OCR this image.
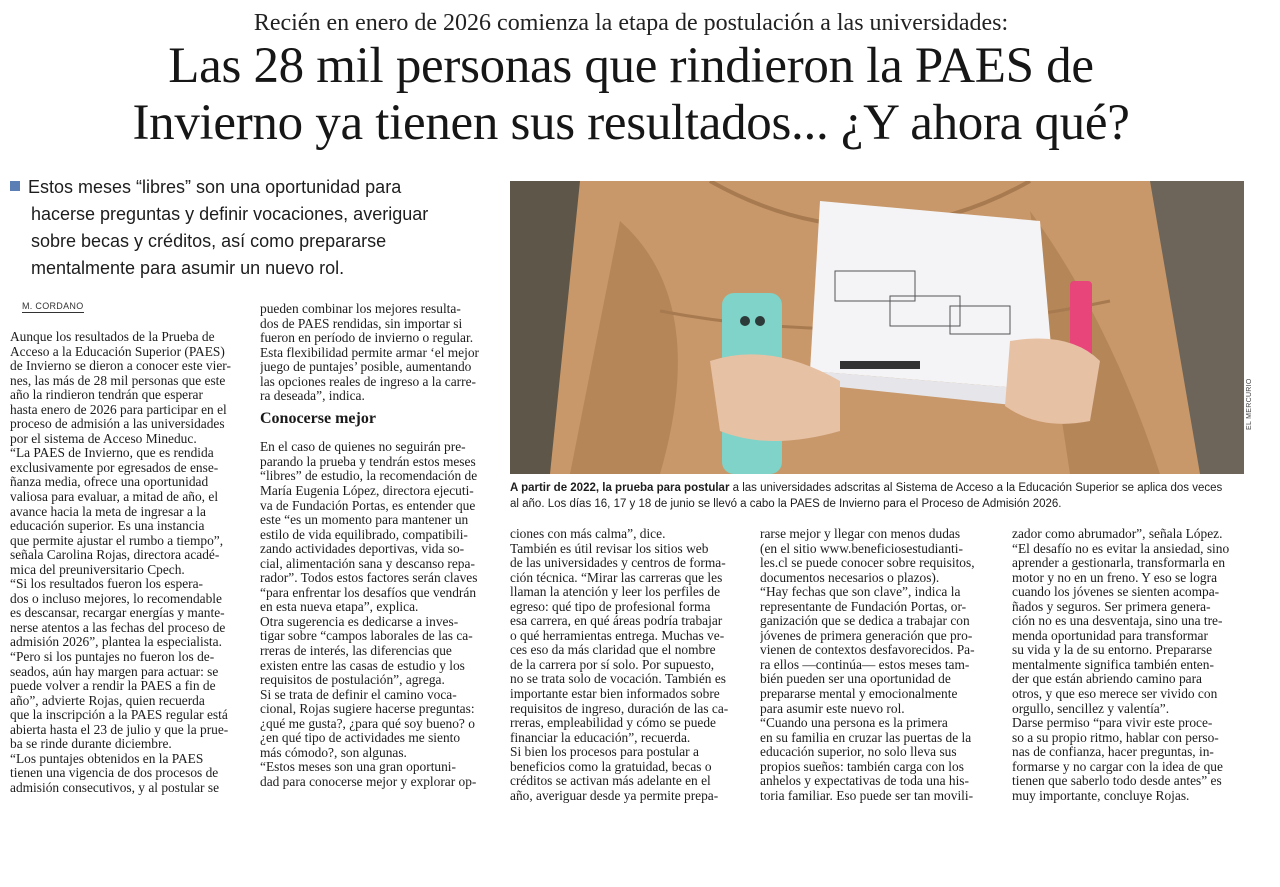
Recién en enero de 2026 comienza la etapa de postulación a las universidades:
Las 28 mil personas que rindieron la PAES de
Invierno ya tienen sus resultados... ¿Y ahora qué?
Estos meses “libres” son una oportunidad para
hacerse preguntas y definir vocaciones, averiguar
sobre becas y créditos, así como prepararse
mentalmente para asumir un nuevo rol.
M. CORDANO
EL MERCURIO
A partir de 2022, la prueba para postular a las universidades adscritas al Sistema de Acceso a la Educación Superior se aplica dos veces
al año. Los días 16, 17 y 18 de junio se llevó a cabo la PAES de Invierno para el Proceso de Admisión 2026.
Aunque los resultados de la Prueba de
Acceso a la Educación Superior (PAES)
de Invierno se dieron a conocer este vier-
nes, las más de 28 mil personas que este
año la rindieron tendrán que esperar
hasta enero de 2026 para participar en el
proceso de admisión a las universidades
por el sistema de Acceso Mineduc.
“La PAES de Invierno, que es rendida
exclusivamente por egresados de ense-
ñanza media, ofrece una oportunidad
valiosa para evaluar, a mitad de año, el
avance hacia la meta de ingresar a la
educación superior. Es una instancia
que permite ajustar el rumbo a tiempo”,
señala Carolina Rojas, directora acadé-
mica del preuniversitario Cpech.
“Si los resultados fueron los espera-
dos o incluso mejores, lo recomendable
es descansar, recargar energías y mante-
nerse atentos a las fechas del proceso de
admisión 2026”, plantea la especialista.
“Pero si los puntajes no fueron los de-
seados, aún hay margen para actuar: se
puede volver a rendir la PAES a fin de
año”, advierte Rojas, quien recuerda
que la inscripción a la PAES regular está
abierta hasta el 23 de julio y que la prue-
ba se rinde durante diciembre.
“Los puntajes obtenidos en la PAES
tienen una vigencia de dos procesos de
admisión consecutivos, y al postular se
pueden combinar los mejores resulta-
dos de PAES rendidas, sin importar si
fueron en período de invierno o regular.
Esta flexibilidad permite armar ‘el mejor
juego de puntajes’ posible, aumentando
las opciones reales de ingreso a la carre-
ra deseada”, indica.
Conocerse mejor
En el caso de quienes no seguirán pre-
parando la prueba y tendrán estos meses
“libres” de estudio, la recomendación de
María Eugenia López, directora ejecuti-
va de Fundación Portas, es entender que
este “es un momento para mantener un
estilo de vida equilibrado, compatibili-
zando actividades deportivas, vida so-
cial, alimentación sana y descanso repa-
rador”. Todos estos factores serán claves
“para enfrentar los desafíos que vendrán
en esta nueva etapa”, explica.
Otra sugerencia es dedicarse a inves-
tigar sobre “campos laborales de las ca-
rreras de interés, las diferencias que
existen entre las casas de estudio y los
requisitos de postulación”, agrega.
Si se trata de definir el camino voca-
cional, Rojas sugiere hacerse preguntas:
¿qué me gusta?, ¿para qué soy bueno? o
¿en qué tipo de actividades me siento
más cómodo?, son algunas.
“Estos meses son una gran oportuni-
dad para conocerse mejor y explorar op-
ciones con más calma”, dice.
También es útil revisar los sitios web
de las universidades y centros de forma-
ción técnica. “Mirar las carreras que les
llaman la atención y leer los perfiles de
egreso: qué tipo de profesional forma
esa carrera, en qué áreas podría trabajar
o qué herramientas entrega. Muchas ve-
ces eso da más claridad que el nombre
de la carrera por sí solo. Por supuesto,
no se trata solo de vocación. También es
importante estar bien informados sobre
requisitos de ingreso, duración de las ca-
rreras, empleabilidad y cómo se puede
financiar la educación”, recuerda.
Si bien los procesos para postular a
beneficios como la gratuidad, becas o
créditos se activan más adelante en el
año, averiguar desde ya permite prepa-
rarse mejor y llegar con menos dudas
(en el sitio www.beneficiosestudianti-
les.cl se puede conocer sobre requisitos,
documentos necesarios o plazos).
“Hay fechas que son clave”, indica la
representante de Fundación Portas, or-
ganización que se dedica a trabajar con
jóvenes de primera generación que pro-
vienen de contextos desfavorecidos. Pa-
ra ellos —continúa— estos meses tam-
bién pueden ser una oportunidad de
prepararse mental y emocionalmente
para asumir este nuevo rol.
“Cuando una persona es la primera
en su familia en cruzar las puertas de la
educación superior, no solo lleva sus
propios sueños: también carga con los
anhelos y expectativas de toda una his-
toria familiar. Eso puede ser tan movili-
zador como abrumador”, señala López.
“El desafío no es evitar la ansiedad, sino
aprender a gestionarla, transformarla en
motor y no en un freno. Y eso se logra
cuando los jóvenes se sienten acompa-
ñados y seguros. Ser primera genera-
ción no es una desventaja, sino una tre-
menda oportunidad para transformar
su vida y la de su entorno. Prepararse
mentalmente significa también enten-
der que están abriendo camino para
otros, y que eso merece ser vivido con
orgullo, sencillez y valentía”.
Darse permiso “para vivir este proce-
so a su propio ritmo, hablar con perso-
nas de confianza, hacer preguntas, in-
formarse y no cargar con la idea de que
tienen que saberlo todo desde antes” es
muy importante, concluye Rojas.
